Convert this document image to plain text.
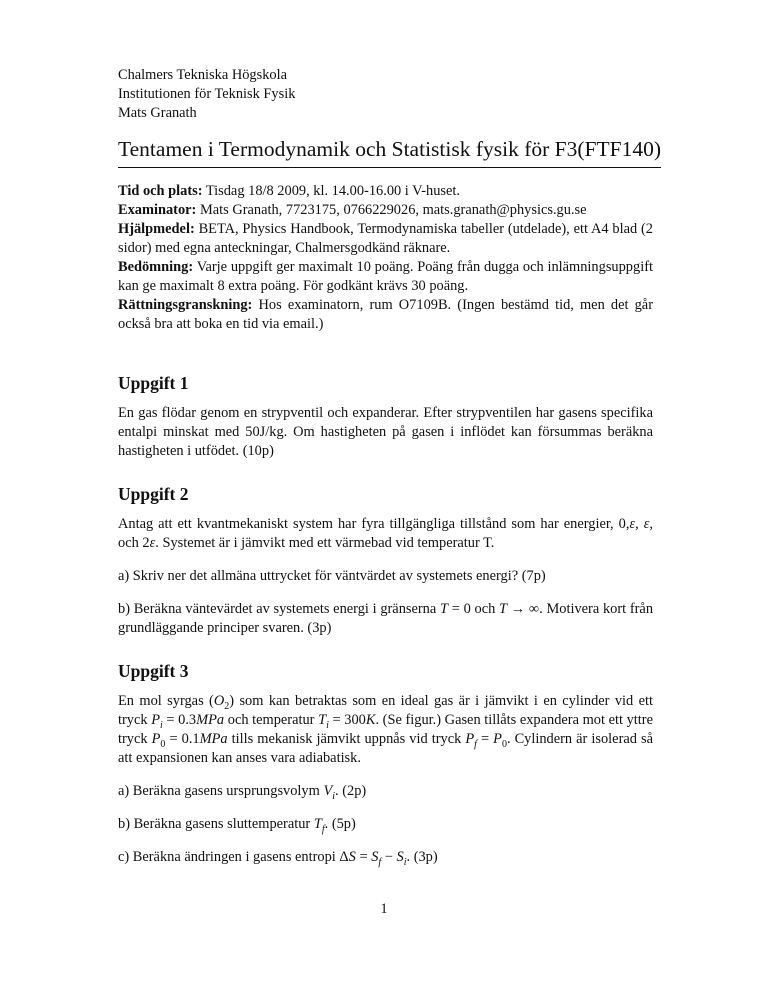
Chalmers Tekniska Högskola
Institutionen för Teknisk Fysik
Mats Granath
Tentamen i Termodynamik och Statistisk fysik för F3(FTF140)

Tid och plats: Tisdag 18/8 2009, kl. 14.00-16.00 i V-huset.

Examinator: Mats Granath, 7723175, 0766229026, mats.granath@physics.gu.se

Hjälpmedel: BETA, Physics Handbook, Termodynamiska tabeller (utdelade), ett A4 blad (2 sidor) med egna anteckningar, Chalmersgodkänd räknare.

Bedömning: Varje uppgift ger maximalt 10 poäng. Poäng från dugga och inlämningsuppgift kan ge maximalt 8 extra poäng. För godkänt krävs 30 poäng.

Rättningsgranskning: Hos examinatorn, rum O7109B. (Ingen bestämd tid, men det går också bra att boka en tid via email.)

Uppgift 1

En gas flödar genom en strypventil och expanderar. Efter strypventilen har gasens specifika entalpi minskat med 50J/kg. Om hastigheten på gasen i inflödet kan försummas beräkna hastigheten i utfödet. (10p)

Uppgift 2

Antag att ett kvantmekaniskt system har fyra tillgängliga tillstånd som har energier, 0,ε, ε, och 2ε. Systemet är i jämvikt med ett värmebad vid temperatur T.

a) Skriv ner det allmäna uttrycket för väntvärdet av systemets energi? (7p)

b) Beräkna väntevärdet av systemets energi i gränserna T = 0 och T → ∞. Motivera kort från grundläggande principer svaren. (3p)

Uppgift 3

En mol syrgas $(O_2)$ som kan betraktas som en ideal gas är i jämvikt i en cylinder vid ett tryck $P_i = 0.3MPa$ och temperatur $T_i = 300K$. (Se figur.) Gasen tillåts expandera mot ett yttre tryck $P_0 = 0.1MPa$ tills mekanisk jämvikt uppnås vid tryck $P_f = P_0$. Cylindern är isolerad så att expansionen kan anses vara adiabatisk.

a) Beräkna gasens ursprungsvolym $V_i$. (2p)

b) Beräkna gasens sluttemperatur $T_f$. (5p)

c) Beräkna ändringen i gasens entropi $\Delta S = S_f - S_i$. (3p)

1
